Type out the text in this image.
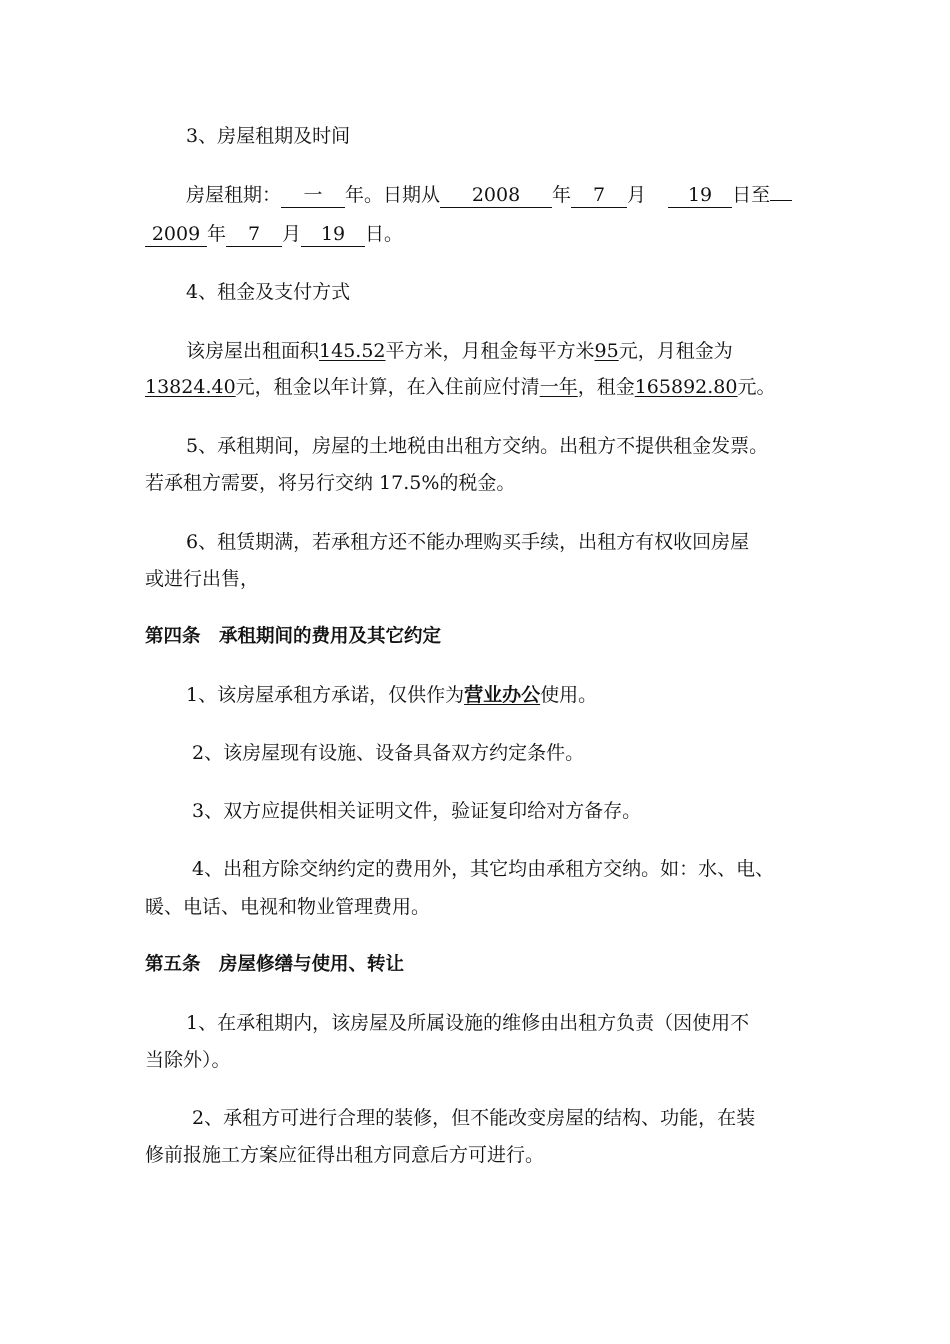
3、房屋租期及时间
房屋租期： 一 年。日期从 2008 年 7 月 19 日至
2009 年 7 月 19 日。
4、租金及支付方式
该房屋出租面积145.52平方米，月租金每平方米95元，月租金为
13824.40元，租金以年计算，在入住前应付清一年，租金165892.80元。
5、承租期间，房屋的土地税由出租方交纳。出租方不提供租金发票。
若承租方需要，将另行交纳 17.5%的税金。
6、租赁期满，若承租方还不能办理购买手续，出租方有权收回房屋
或进行出售，
第四条　承租期间的费用及其它约定
1、该房屋承租方承诺，仅供作为营业办公使用。
2、该房屋现有设施、设备具备双方约定条件。
3、双方应提供相关证明文件，验证复印给对方备存。
4、出租方除交纳约定的费用外，其它均由承租方交纳。如：水、电、
暖、电话、电视和物业管理费用。
第五条　房屋修缮与使用、转让
1、在承租期内，该房屋及所属设施的维修由出租方负责（因使用不
当除外）。
2、承租方可进行合理的装修，但不能改变房屋的结构、功能，在装
修前报施工方案应征得出租方同意后方可进行。
